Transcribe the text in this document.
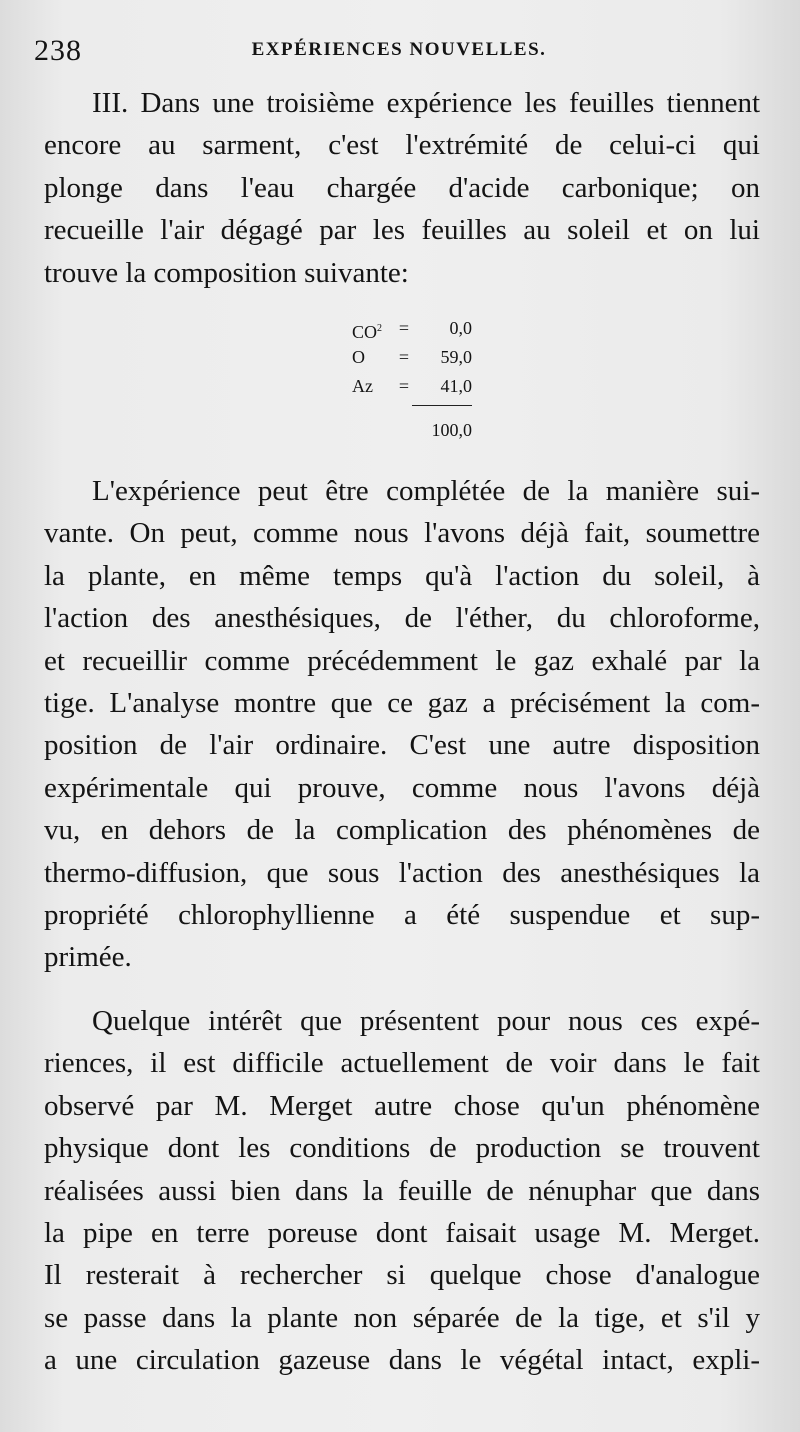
238	EXPÉRIENCES NOUVELLES.
III. Dans une troisième expérience les feuilles tiennent
encore au sarment, c'est l'extrémité de celui-ci qui
plonge dans l'eau chargée d'acide carbonique; on
recueille l'air dégagé par les feuilles au soleil et on lui
trouve la composition suivante:
$CO^2$ =	0,0
O	=	59,0
Az	=	41,0
100,0
L'expérience peut être complétée de la manière sui-
vante. On peut, comme nous l'avons déjà fait, soumettre
la plante, en même temps qu'à l'action du soleil, à
l'action des anesthésiques, de l'éther, du chloroforme,
et recueillir comme précédemment le gaz exhalé par la
tige. L'analyse montre que ce gaz a précisément la com-
position de l'air ordinaire. C'est une autre disposition
expérimentale qui prouve, comme nous l'avons déjà
vu, en dehors de la complication des phénomènes de
thermo-diffusion, que sous l'action des anesthésiques la
propriété chlorophyllienne a été suspendue et sup-
primée.
Quelque intérêt que présentent pour nous ces expé-
riences, il est difficile actuellement de voir dans le fait
observé par M. Merget autre chose qu'un phénomène
physique dont les conditions de production se trouvent
réalisées aussi bien dans la feuille de nénuphar que dans
la pipe en terre poreuse dont faisait usage M. Merget.
Il resterait à rechercher si quelque chose d'analogue
se passe dans la plante non séparée de la tige, et s'il y
a une circulation gazeuse dans le végétal intact, expli-
